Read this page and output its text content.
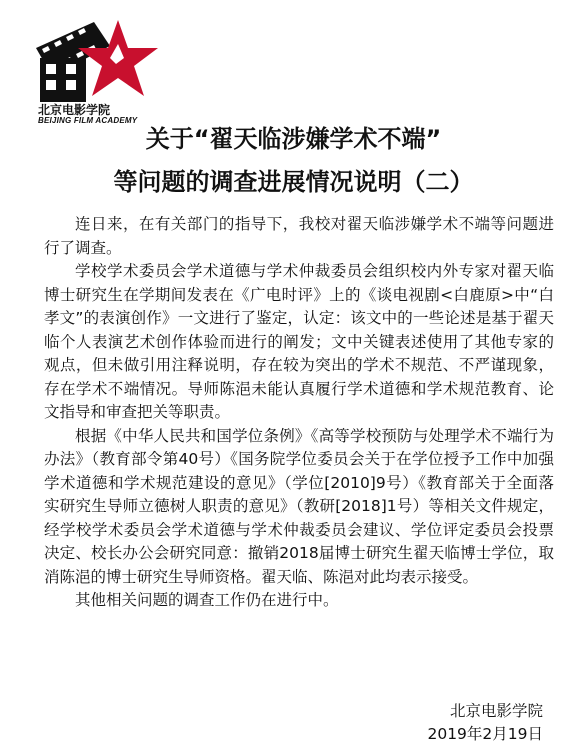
北京电影学院
BEIJING FILM ACADEMY
关于“翟天临涉嫌学术不端”
等问题的调查进展情况说明（二）

连日来，在有关部门的指导下，我校对翟天临涉嫌学术不端等问题进行了调查。

学校学术委员会学术道德与学术仲裁委员会组织校内外专家对翟天临博士研究生在学期间发表在《广电时评》上的《谈电视剧<白鹿原>中“白孝文”的表演创作》一文进行了鉴定，认定：该文中的一些论述是基于翟天临个人表演艺术创作体验而进行的阐发；文中关键表述使用了其他专家的观点，但未做引用注释说明，存在较为突出的学术不规范、不严谨现象，存在学术不端情况。导师陈浥未能认真履行学术道德和学术规范教育、论文指导和审查把关等职责。

根据《中华人民共和国学位条例》《高等学校预防与处理学术不端行为办法》（教育部令第40号）《国务院学位委员会关于在学位授予工作中加强学术道德和学术规范建设的意见》（学位[2010]9号）《教育部关于全面落实研究生导师立德树人职责的意见》（教研[2018]1号）等相关文件规定，经学校学术委员会学术道德与学术仲裁委员会建议、学位评定委员会投票决定、校长办公会研究同意：撤销2018届博士研究生翟天临博士学位，取消陈浥的博士研究生导师资格。翟天临、陈浥对此均表示接受。

其他相关问题的调查工作仍在进行中。

北京电影学院
2019年2月19日
